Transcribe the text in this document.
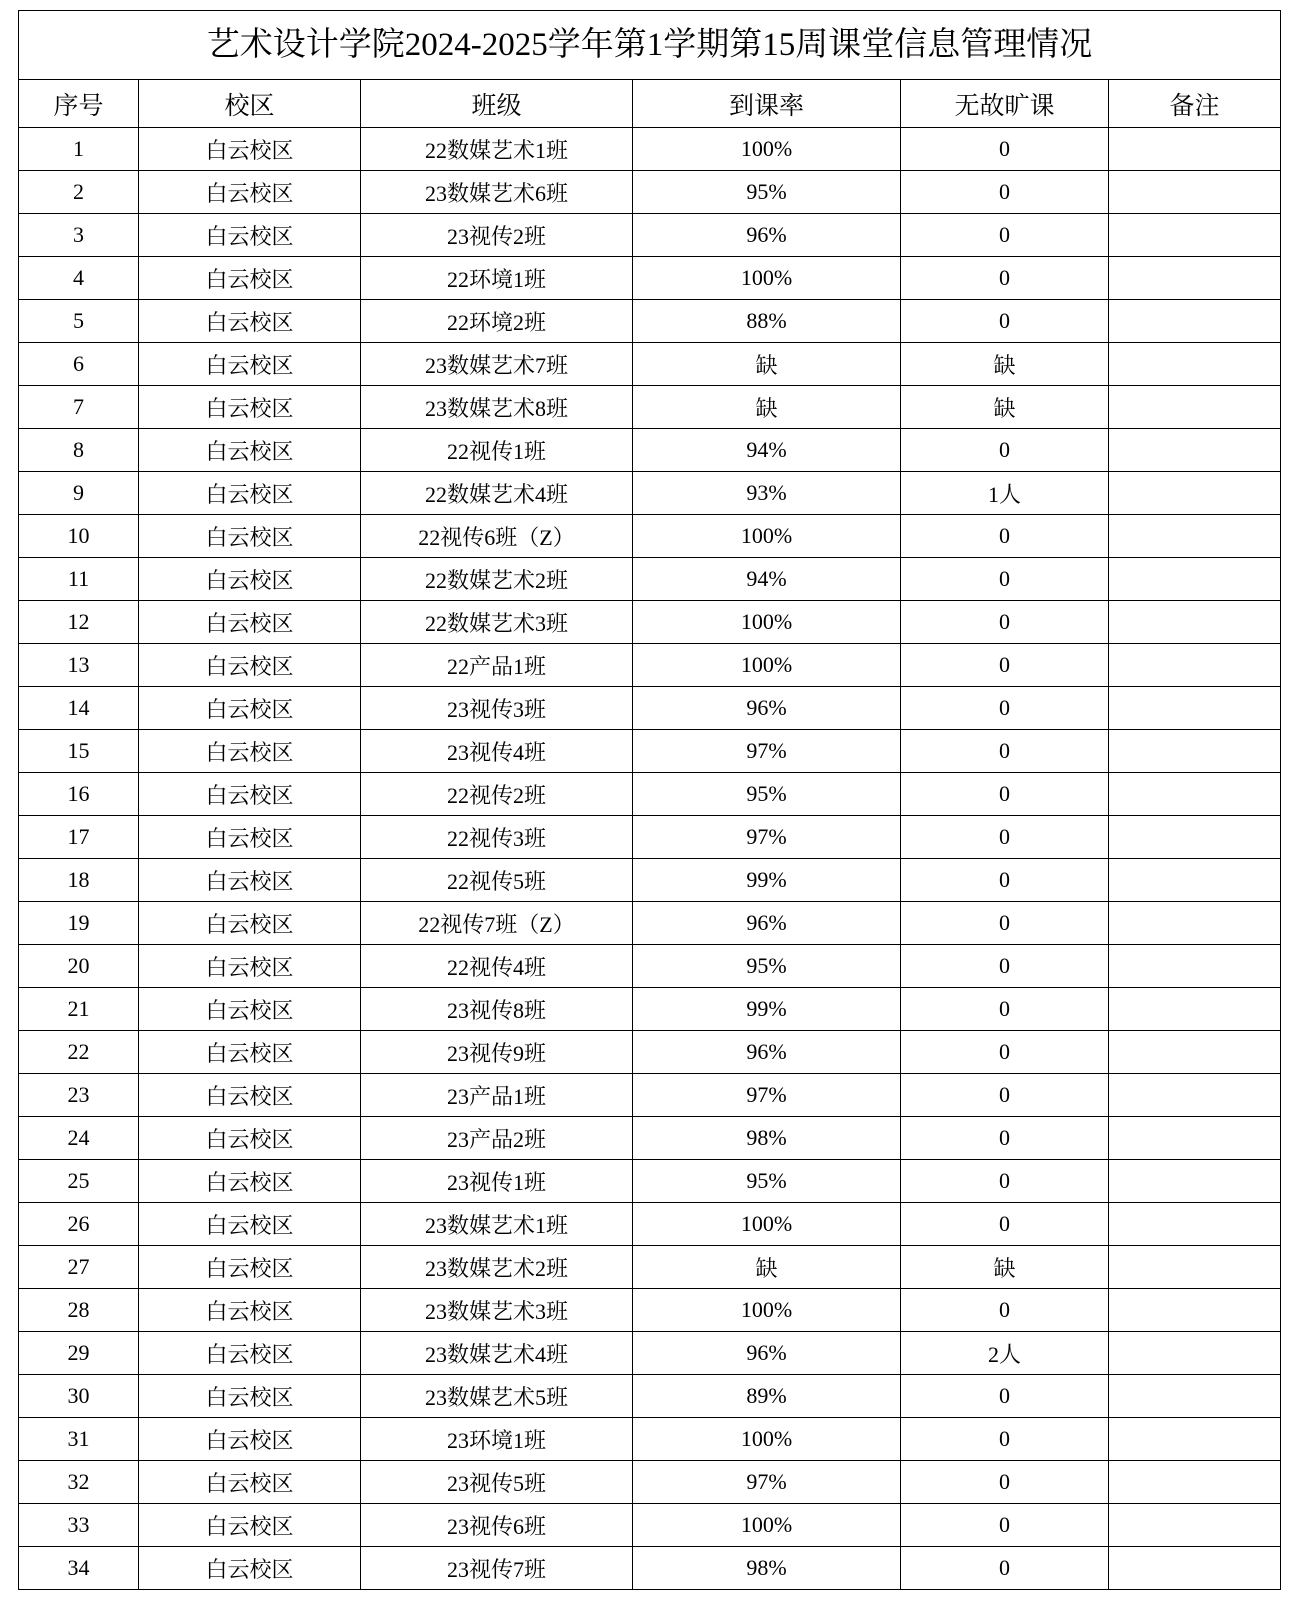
艺术设计学院2024-2025学年第1学期第15周课堂信息管理情况					
序号	校区	班级	到课率	无故旷课	备注
1	白云校区	22数媒艺术1班	100%	0	
2	白云校区	23数媒艺术6班	95%	0	
3	白云校区	23视传2班	96%	0	
4	白云校区	22环境1班	100%	0	
5	白云校区	22环境2班	88%	0	
6	白云校区	23数媒艺术7班	缺	缺	
7	白云校区	23数媒艺术8班	缺	缺	
8	白云校区	22视传1班	94%	0	
9	白云校区	22数媒艺术4班	93%	1人	
10	白云校区	22视传6班（Z）	100%	0	
11	白云校区	22数媒艺术2班	94%	0	
12	白云校区	22数媒艺术3班	100%	0	
13	白云校区	22产品1班	100%	0	
14	白云校区	23视传3班	96%	0	
15	白云校区	23视传4班	97%	0	
16	白云校区	22视传2班	95%	0	
17	白云校区	22视传3班	97%	0	
18	白云校区	22视传5班	99%	0	
19	白云校区	22视传7班（Z）	96%	0	
20	白云校区	22视传4班	95%	0	
21	白云校区	23视传8班	99%	0	
22	白云校区	23视传9班	96%	0	
23	白云校区	23产品1班	97%	0	
24	白云校区	23产品2班	98%	0	
25	白云校区	23视传1班	95%	0	
26	白云校区	23数媒艺术1班	100%	0	
27	白云校区	23数媒艺术2班	缺	缺	
28	白云校区	23数媒艺术3班	100%	0	
29	白云校区	23数媒艺术4班	96%	2人	
30	白云校区	23数媒艺术5班	89%	0	
31	白云校区	23环境1班	100%	0	
32	白云校区	23视传5班	97%	0	
33	白云校区	23视传6班	100%	0	
34	白云校区	23视传7班	98%	0	
